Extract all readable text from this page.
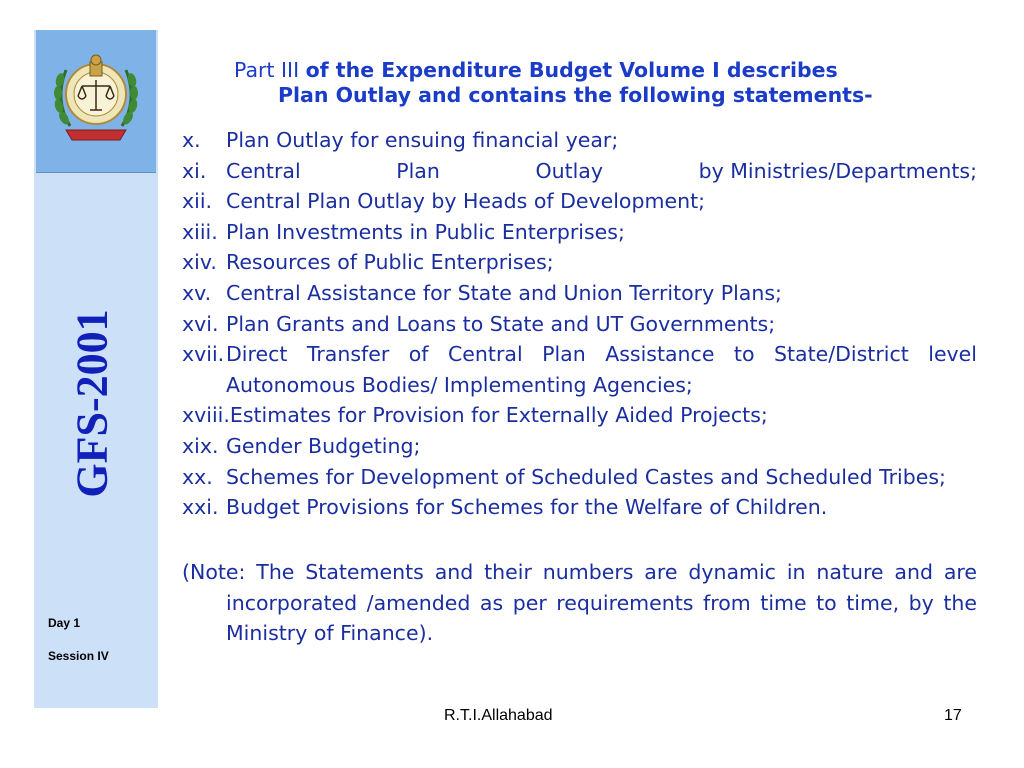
GFS-2001
Day 1
Session IV
Part III of the Expenditure Budget Volume I describes
Plan Outlay and contains the following statements-
x.	Plan Outlay for ensuing financial year;
xi. Central	Plan	Outlay	by Ministries/Departments;
xii. Central Plan Outlay by Heads of Development;
xiii. Plan Investments in Public Enterprises;
xiv. Resources of Public Enterprises;
xv. Central Assistance for State and Union Territory Plans;
xvi. Plan Grants and Loans to State and UT Governments;
xvii. Direct Transfer of Central Plan Assistance to State/District level Autonomous Bodies/ Implementing Agencies;
xviii. Estimates for Provision for Externally Aided Projects;
xix. Gender Budgeting;
xx. Schemes for Development of Scheduled Castes and Scheduled Tribes;
xxi. Budget Provisions for Schemes for the Welfare of Children.
(Note: The Statements and their numbers are dynamic in nature and are incorporated /amended as per requirements from time to time, by the Ministry of Finance).
R.T.I.Allahabad	17
